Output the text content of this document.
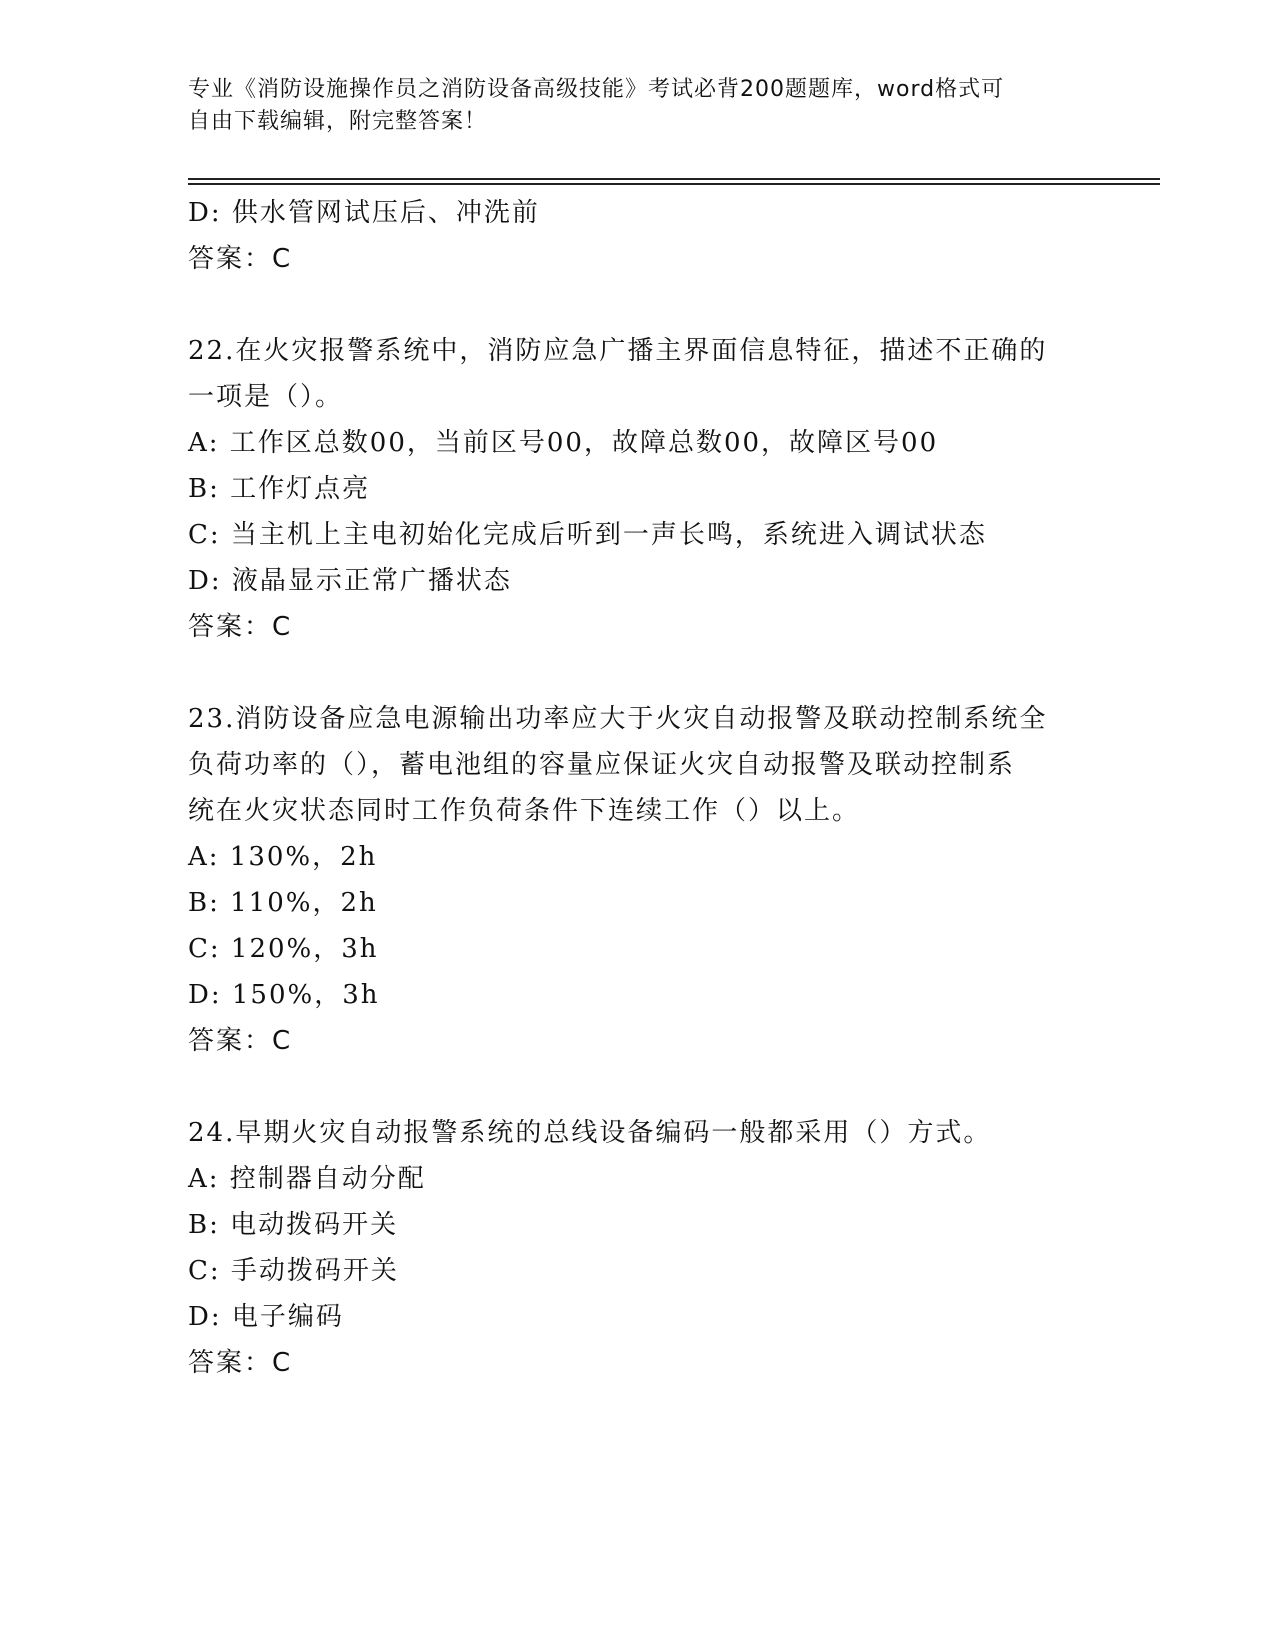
专业《消防设施操作员之消防设备高级技能》考试必背200题题库，word格式可
自由下载编辑，附完整答案！
D: 供水管网试压后、冲洗前
答案：C
22.在火灾报警系统中，消防应急广播主界面信息特征，描述不正确的
一项是（）。
A: 工作区总数00，当前区号00，故障总数00，故障区号00
B: 工作灯点亮
C: 当主机上主电初始化完成后听到一声长鸣，系统进入调试状态
D: 液晶显示正常广播状态
答案：C
23.消防设备应急电源输出功率应大于火灾自动报警及联动控制系统全
负荷功率的（），蓄电池组的容量应保证火灾自动报警及联动控制系
统在火灾状态同时工作负荷条件下连续工作（）以上。
A: 130%，2h
B: 110%，2h
C: 120%，3h
D: 150%，3h
答案：C
24.早期火灾自动报警系统的总线设备编码一般都采用（）方式。
A: 控制器自动分配
B: 电动拨码开关
C: 手动拨码开关
D: 电子编码
答案：C
